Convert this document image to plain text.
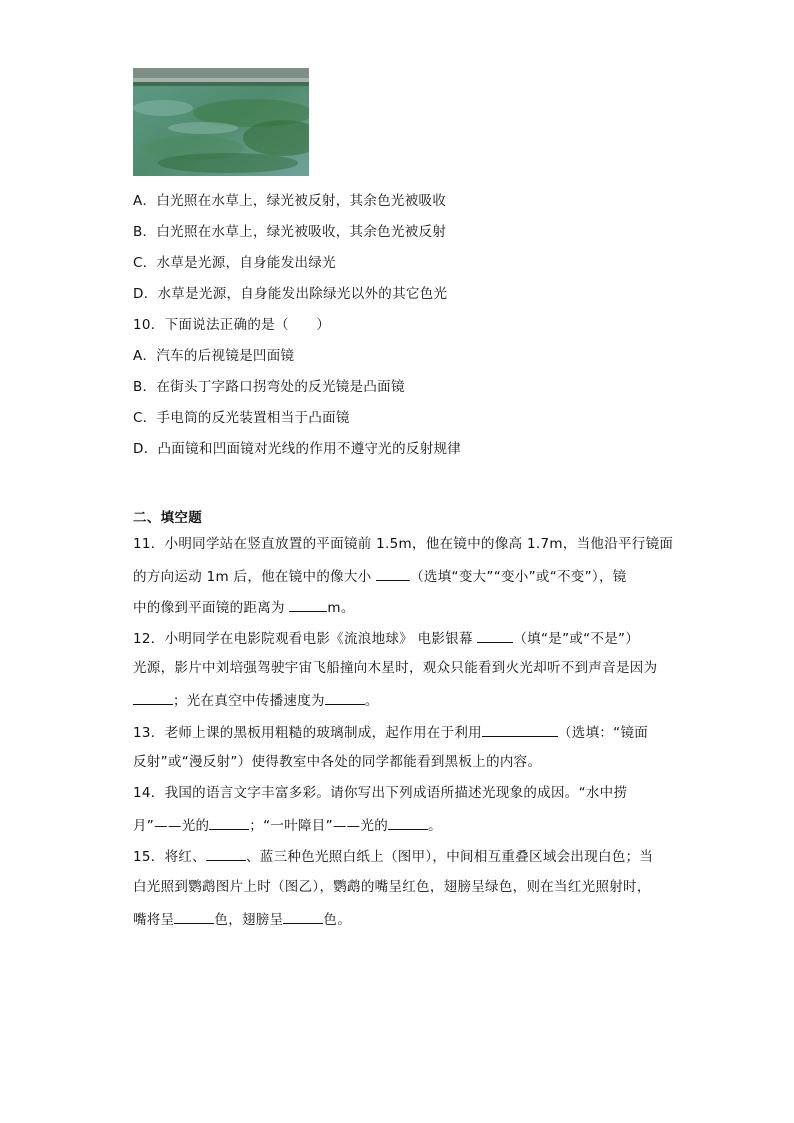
A．白光照在水草上，绿光被反射，其余色光被吸收
B．白光照在水草上，绿光被吸收，其余色光被反射
C．水草是光源，自身能发出绿光
D．水草是光源，自身能发出除绿光以外的其它色光
10．下面说法正确的是（　　）
A．汽车的后视镜是凹面镜
B．在街头丁字路口拐弯处的反光镜是凸面镜
C．手电筒的反光装置相当于凸面镜
D．凸面镜和凹面镜对光线的作用不遵守光的反射规律
二、填空题
11．小明同学站在竖直放置的平面镜前 1.5m，他在镜中的像高 1.7m，当他沿平行镜面
的方向运动 1m 后，他在镜中的像大小	（选填“变大”“变小”或“不变”），镜
中的像到平面镜的距离为	m。
12．小明同学在电影院观看电影《流浪地球》 电影银幕	（填“是”或“不是”）
光源，影片中刘培强驾驶宇宙飞船撞向木星时，观众只能看到火光却听不到声音是因为
；光在真空中传播速度为	。
13．老师上课的黑板用粗糙的玻璃制成，起作用在于利用	（选填：“镜面
反射”或“漫反射”）使得教室中各处的同学都能看到黑板上的内容。
14．我国的语言文字丰富多彩。请你写出下列成语所描述光现象的成因。“水中捞
月”——光的	；“一叶障目”——光的	。
15．将红、	、蓝三种色光照白纸上（图甲），中间相互重叠区域会出现白色；当
白光照到鹦鹉图片上时（图乙），鹦鹉的嘴呈红色，翅膀呈绿色，则在当红光照射时，
嘴将呈	色，翅膀呈	色。
